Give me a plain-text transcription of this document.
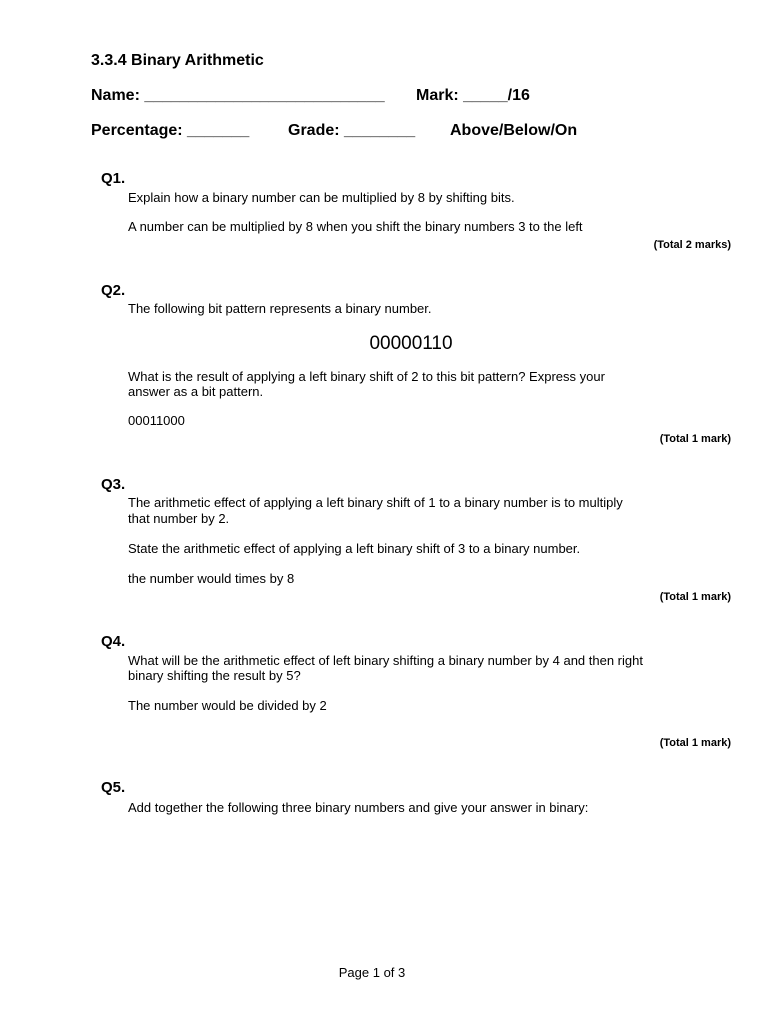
3.3.4 Binary Arithmetic
Name: ___________________________ Mark: _____/16
Percentage: _______ Grade: ________ Above/Below/On
Q1.
Explain how a binary number can be multiplied by 8 by shifting bits.
A number can be multiplied by 8 when you shift the binary numbers 3 to the left
(Total 2 marks)
Q2.
The following bit pattern represents a binary number.
00000110
What is the result of applying a left binary shift of 2 to this bit pattern? Express your
answer as a bit pattern.
00011000
(Total 1 mark)
Q3.
The arithmetic effect of applying a left binary shift of 1 to a binary number is to multiply
that number by 2.
State the arithmetic effect of applying a left binary shift of 3 to a binary number.
the number would times by 8
(Total 1 mark)
Q4.
What will be the arithmetic effect of left binary shifting a binary number by 4 and then right
binary shifting the result by 5?
The number would be divided by 2
(Total 1 mark)
Q5.
Add together the following three binary numbers and give your answer in binary:
Page 1 of 3
